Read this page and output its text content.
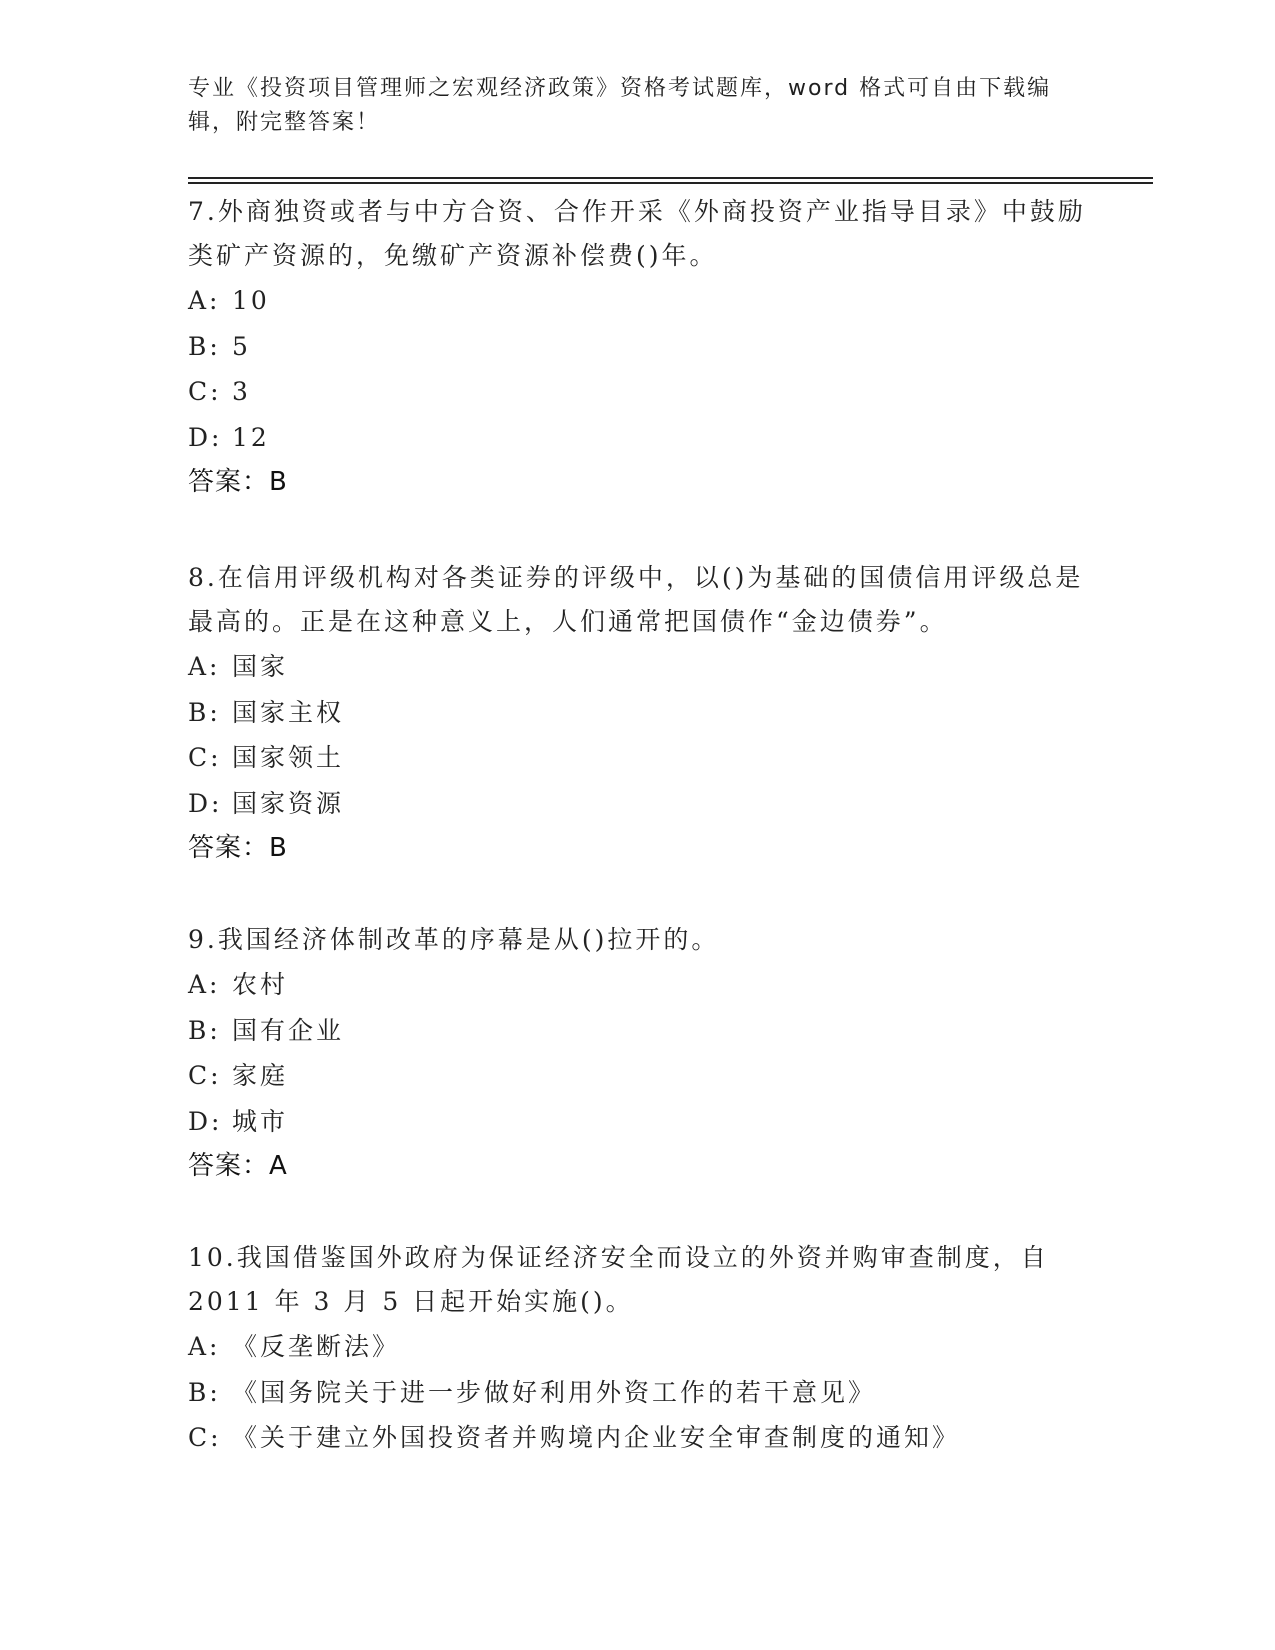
专业《投资项目管理师之宏观经济政策》资格考试题库，word 格式可自由下载编辑，附完整答案！

7.外商独资或者与中方合资、合作开采《外商投资产业指导目录》中鼓励类矿产资源的，免缴矿产资源补偿费()年。

A: 10

B: 5

C: 3

D: 12

答案：B

8.在信用评级机构对各类证券的评级中，以()为基础的国债信用评级总是最高的。正是在这种意义上，人们通常把国债作“金边债券”。

A: 国家

B: 国家主权

C: 国家领土

D: 国家资源

答案：B

9.我国经济体制改革的序幕是从()拉开的。

A: 农村

B: 国有企业

C: 家庭

D: 城市

答案：A

10.我国借鉴国外政府为保证经济安全而设立的外资并购审查制度，自2011 年 3 月 5 日起开始实施()。

A: 《反垄断法》

B: 《国务院关于进一步做好利用外资工作的若干意见》

C: 《关于建立外国投资者并购境内企业安全审查制度的通知》
